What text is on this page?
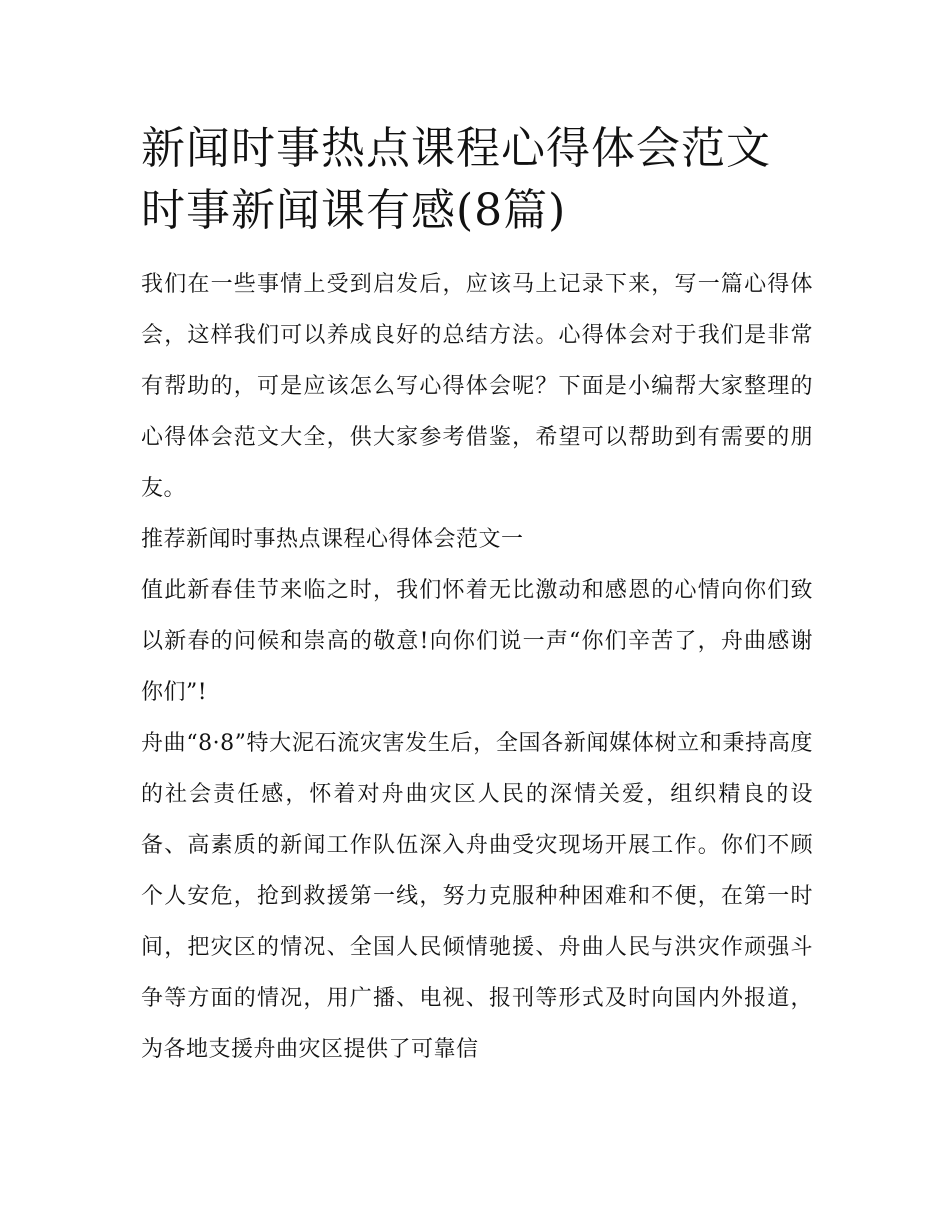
新闻时事热点课程心得体会范文 时事新闻课有感(8篇)

我们在一些事情上受到启发后，应该马上记录下来，写一篇心得体会，这样我们可以养成良好的总结方法。心得体会对于我们是非常有帮助的，可是应该怎么写心得体会呢？下面是小编帮大家整理的心得体会范文大全，供大家参考借鉴，希望可以帮助到有需要的朋友。

推荐新闻时事热点课程心得体会范文一

值此新春佳节来临之时，我们怀着无比激动和感恩的心情向你们致以新春的问候和崇高的敬意!向你们说一声“你们辛苦了，舟曲感谢你们”!

舟曲“8·8”特大泥石流灾害发生后，全国各新闻媒体树立和秉持高度的社会责任感，怀着对舟曲灾区人民的深情关爱，组织精良的设备、高素质的新闻工作队伍深入舟曲受灾现场开展工作。你们不顾个人安危，抢到救援第一线，努力克服种种困难和不便，在第一时间，把灾区的情况、全国人民倾情驰援、舟曲人民与洪灾作顽强斗争等方面的情况，用广播、电视、报刊等形式及时向国内外报道，为各地支援舟曲灾区提供了可靠信
